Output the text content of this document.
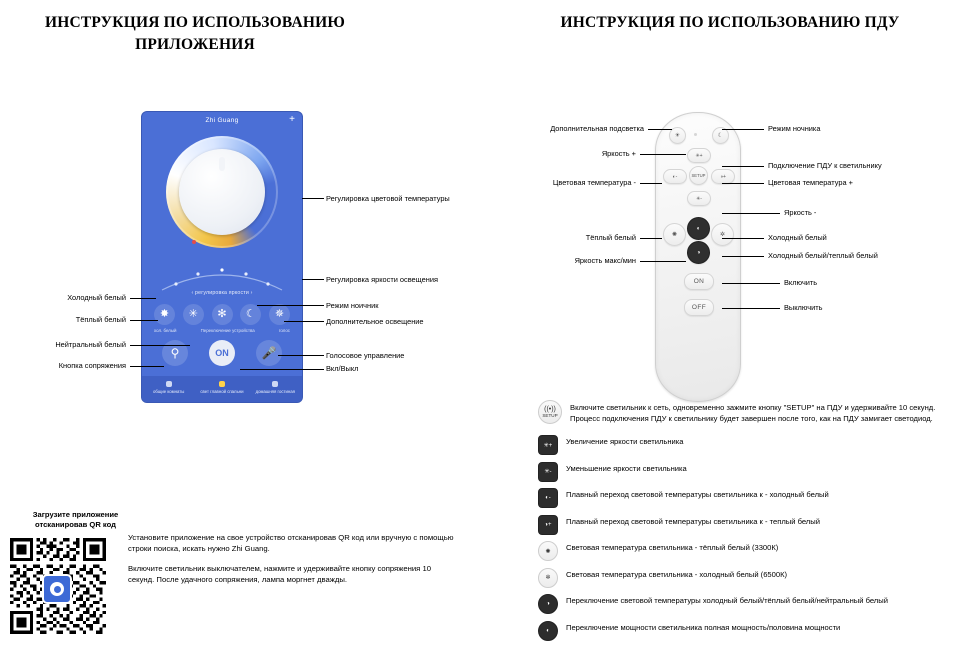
ИНСТРУКЦИЯ ПО ИСПОЛЬЗОВАНИЮ ПРИЛОЖЕНИЯ
ИНСТРУКЦИЯ ПО ИСПОЛЬЗОВАНИЮ ПДУ
Zhi Guang	+
‹ регулировка яркости ›
✸	✳	✻	☾	✵
хол. белый	Переключение устройства	голос
⚲	ON	🎤
общие комнаты	свет главной спальни	домашняя гостиная
Регулировка цветовой температуры
Регулировка яркости освещения
Режим ноичник
Дополнительное освещение
Голосовое управление
Вкл/Выкл
Холодный белый
Тёплый белый
Нейтральный белый
Кнопка сопряжения
☀	☾
✳+
◐-	SETUP	◑+
✳-
✺
◐
✲
◑
ON
OFF
Дополнительная подсветка
Яркость +
Цветовая температура -
Тёплый белый
Яркость макс/мин
Режим ночника
Подключение ПДУ к светильнику
Цветовая температура +
Яркость -
Холодный белый
Холодный белый/теплый белый
Включить
Выключить
((•))
SETUP
Включите светильник к сеть, одновременно зажмите кнопку "SETUP" на ПДУ и удерживайте 10 секунд. Процесс подключения ПДУ к светильнику будет завершен после того, как на ПДУ замигает светодиод.
✳+	Увеличение яркости светильника
✳-	Уменьшение яркости светильника
◐-	Плавный переход световой температуры светильника к - холодный белый
◑+	Плавный переход световой температуры светильника к - теплый белый
✺	Световая температура светильника - тёплый белый (3300К)
✲	Световая температура светильника - холодный белый (6500К)
◑	Переключение световой температуры холодный белый/тёплый белый/нейтральный белый
◐	Переключение мощности светильника полная мощность/половина мощности
Загрузите приложение отсканировав QR код

Установите приложение на свое устройство отсканировав QR код или вручную с помощью строки поиска, искать нужно Zhi Guang.

Включите светильник выключателем, нажмите и удерживайте кнопку сопряжения 10 секунд. После удачного сопряжения, лампа моргнет дважды.
